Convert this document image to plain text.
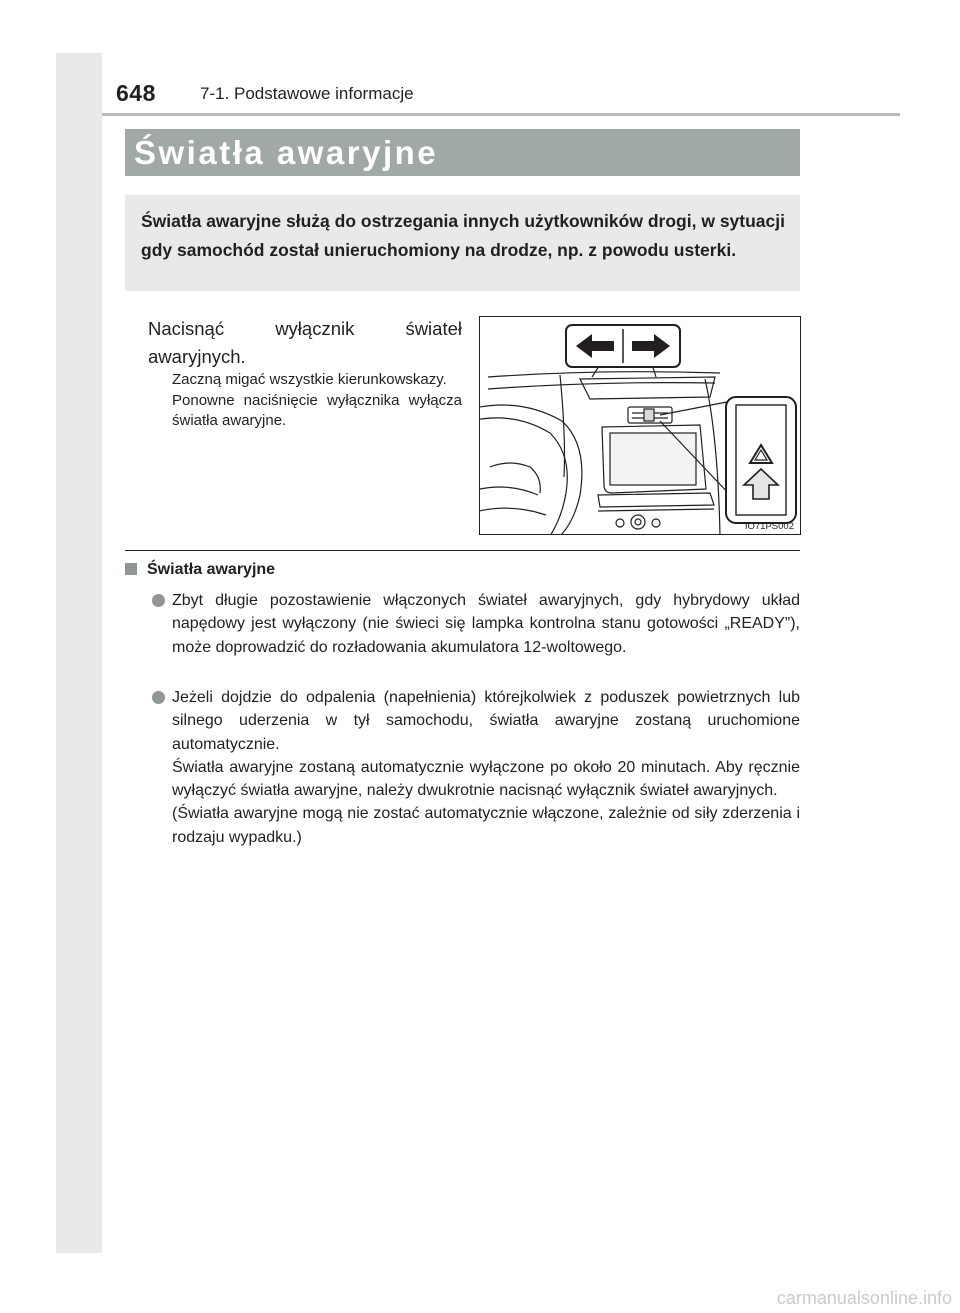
648	7-1. Podstawowe informacje
Światła awaryjne
Światła awaryjne służą do ostrzegania innych użytkowników drogi, w sytuacji gdy samochód został unieruchomiony na drodze, np. z powodu usterki.
Nacisnąć wyłącznik świateł awaryjnych.
Zaczną migać wszystkie kierunkowskazy.
Ponowne naciśnięcie wyłącznika wyłącza światła awaryjne.
IO71PS002
Światła awaryjne
Zbyt długie pozostawienie włączonych świateł awaryjnych, gdy hybrydowy układ napędowy jest wyłączony (nie świeci się lampka kontrolna stanu gotowości „READY”), może doprowadzić do rozładowania akumulatora 12-woltowego.
Jeżeli dojdzie do odpalenia (napełnienia) którejkolwiek z poduszek powietrznych lub silnego uderzenia w tył samochodu, światła awaryjne zostaną uruchomione automatycznie.
Światła awaryjne zostaną automatycznie wyłączone po około 20 minutach. Aby ręcznie wyłączyć światła awaryjne, należy dwukrotnie nacisnąć wyłącznik świateł awaryjnych.
(Światła awaryjne mogą nie zostać automatycznie włączone, zależnie od siły zderzenia i rodzaju wypadku.)
carmanualsonline.info
